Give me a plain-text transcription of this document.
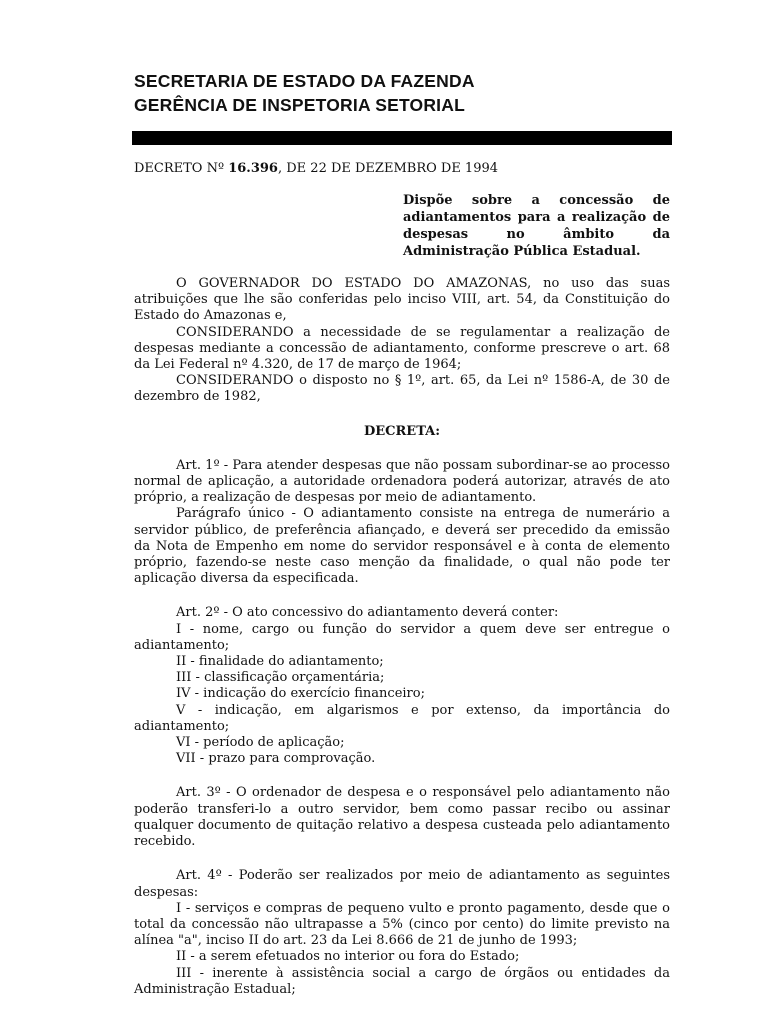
SECRETARIA DE ESTADO DA FAZENDA
GERÊNCIA DE INSPETORIA SETORIAL
DECRETO Nº 16.396, DE 22 DE DEZEMBRO DE 1994
Dispõe sobre a concessão de
adiantamentos para a realização de
despesas no âmbito da
Administração Pública Estadual.

O GOVERNADOR DO ESTADO DO AMAZONAS, no uso das suas atribuições que lhe são conferidas pelo inciso VIII, art. 54, da Constituição do Estado do Amazonas e,

CONSIDERANDO a necessidade de se regulamentar a realização de despesas mediante a concessão de adiantamento, conforme prescreve o art. 68 da Lei Federal nº 4.320, de 17 de março de 1964;

CONSIDERANDO o disposto no § 1º, art. 65, da Lei nº 1586-A, de 30 de dezembro de 1982,

DECRETA:

Art. 1º - Para atender despesas que não possam subordinar-se ao processo normal de aplicação, a autoridade ordenadora poderá autorizar, através de ato próprio, a realização de despesas por meio de adiantamento.

Parágrafo único - O adiantamento consiste na entrega de numerário a servidor público, de preferência afiançado, e deverá ser precedido da emissão da Nota de Empenho em nome do servidor responsável e à conta de elemento próprio, fazendo-se neste caso menção da finalidade, o qual não pode ter aplicação diversa da especificada.

Art. 2º - O ato concessivo do adiantamento deverá conter:

I - nome, cargo ou função do servidor a quem deve ser entregue o adiantamento;

II - finalidade do adiantamento;

III - classificação orçamentária;

IV - indicação do exercício financeiro;

V - indicação, em algarismos e por extenso, da importância do adiantamento;

VI - período de aplicação;

VII - prazo para comprovação.

Art. 3º - O ordenador de despesa e o responsável pelo adiantamento não poderão transferi-lo a outro servidor, bem como passar recibo ou assinar qualquer documento de quitação relativo a despesa custeada pelo adiantamento recebido.

Art. 4º - Poderão ser realizados por meio de adiantamento as seguintes despesas:

I - serviços e compras de pequeno vulto e pronto pagamento, desde que o total da concessão não ultrapasse a 5% (cinco por cento) do limite previsto na alínea "a", inciso II do art. 23 da Lei 8.666 de 21 de junho de 1993;

II - a serem efetuados no interior ou fora do Estado;

III - inerente à assistência social a cargo de órgãos ou entidades da Administração Estadual;
